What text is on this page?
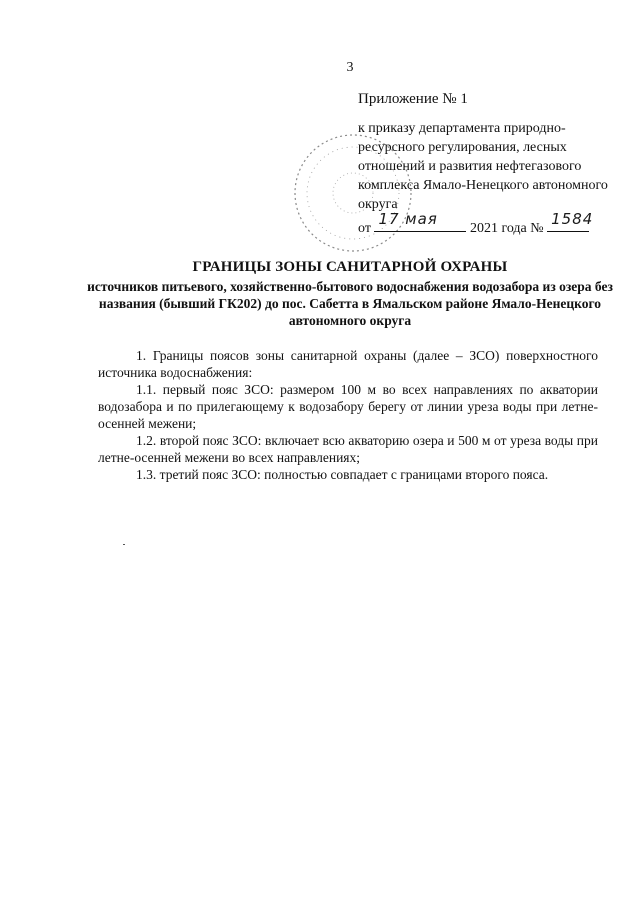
3

Приложение № 1

к приказу департамента природно-ресурсного регулирования, лесных отношений и развития нефтегазового комплекса Ямало-Ненецкого автономного округа

от
17 мая
2021 года №
1584

ГРАНИЦЫ ЗОНЫ САНИТАРНОЙ ОХРАНЫ

источников питьевого, хозяйственно-бытового водоснабжения водозабора из озера без названия (бывший ГК202) до пос. Сабетта в Ямальском районе Ямало-Ненецкого автономного округа

1. Границы поясов зоны санитарной охраны (далее – ЗСО) поверхностного источника водоснабжения:

1.1. первый пояс ЗСО: размером 100 м во всех направлениях по акватории водозабора и по прилегающему к водозабору берегу от линии уреза воды при летне-осенней межени;

1.2. второй пояс ЗСО: включает всю акваторию озера и 500 м от уреза воды при летне-осенней межени во всех направлениях;

1.3. третий пояс ЗСО: полностью совпадает с границами второго пояса.
